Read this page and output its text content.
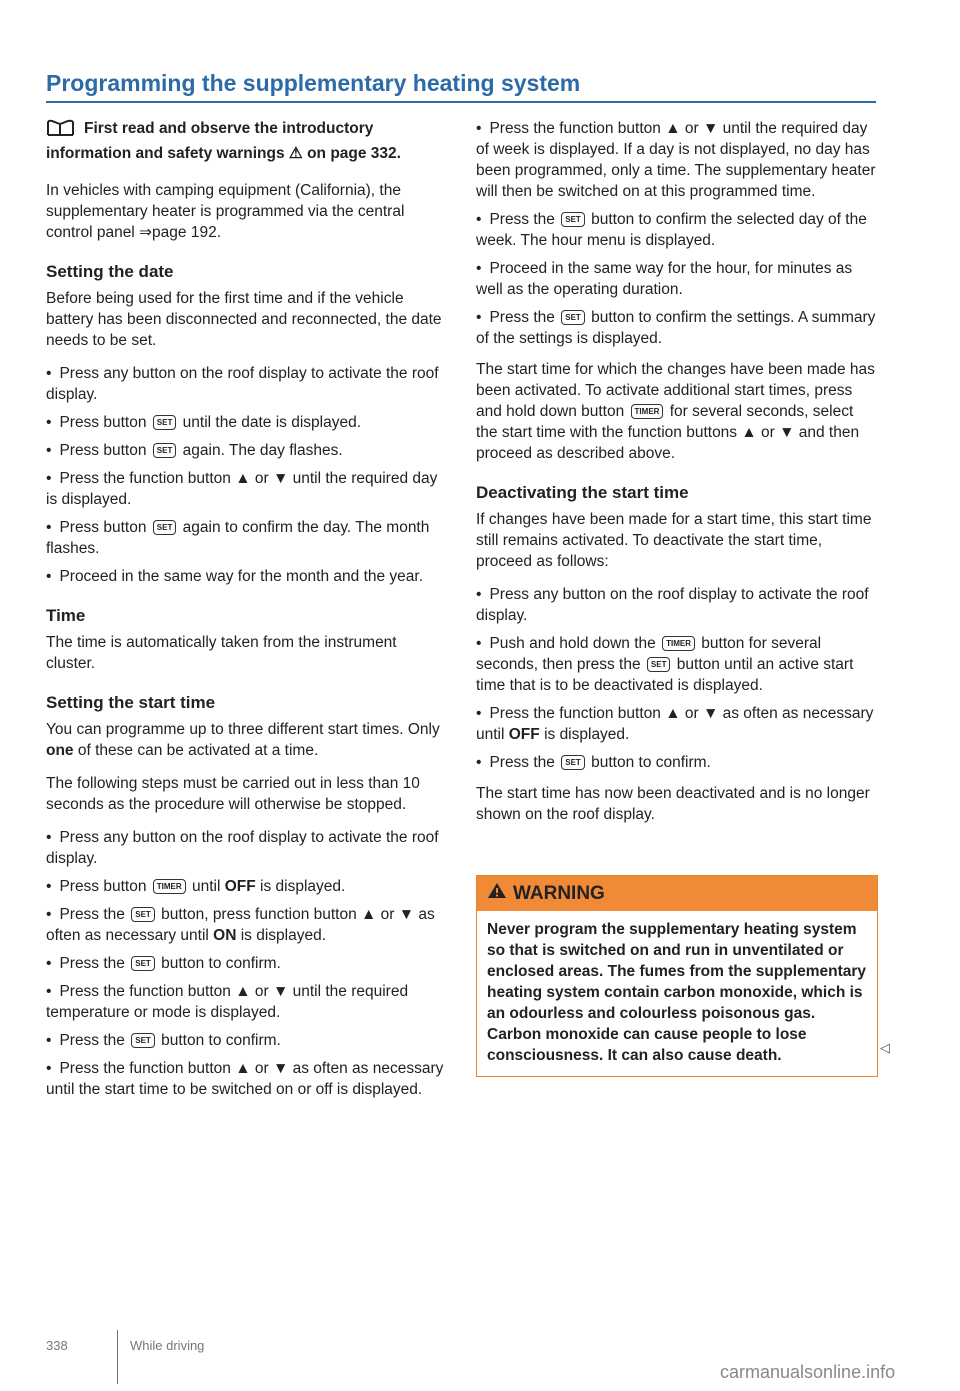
Programming the supplementary heating system
First read and observe the introductory information and safety warnings ⚠ on page 332.

In vehicles with camping equipment (California), the supplementary heater is programmed via the central control panel ⇒page 192.

Setting the date

Before being used for the first time and if the vehicle battery has been disconnected and reconnected, the date needs to be set.

• Press any button on the roof display to activate the roof display.
• Press button SET until the date is displayed.
• Press button SET again. The day flashes.
• Press the function button ▲ or ▼ until the required day is displayed.
• Press button SET again to confirm the day. The month flashes.
• Proceed in the same way for the month and the year.
Time

The time is automatically taken from the instrument cluster.

Setting the start time

You can programme up to three different start times. Only one of these can be activated at a time.

The following steps must be carried out in less than 10 seconds as the procedure will otherwise be stopped.

• Press any button on the roof display to activate the roof display.
• Press button TIMER until OFF is displayed.
• Press the SET button, press function button ▲ or ▼ as often as necessary until ON is displayed.
• Press the SET button to confirm.
• Press the function button ▲ or ▼ until the required temperature or mode is displayed.
• Press the SET button to confirm.
• Press the function button ▲ or ▼ as often as necessary until the start time to be switched on or off is displayed.
• Press the function button ▲ or ▼ until the required day of week is displayed. If a day is not displayed, no day has been programmed, only a time. The supplementary heater will then be switched on at this programmed time.
• Press the SET button to confirm the selected day of the week. The hour menu is displayed.
• Proceed in the same way for the hour, for minutes as well as the operating duration.
• Press the SET button to confirm the settings. A summary of the settings is displayed.

The start time for which the changes have been made has been activated. To activate additional start times, press and hold down button TIMER for several seconds, select the start time with the function buttons ▲ or ▼ and then proceed as described above.

Deactivating the start time

If changes have been made for a start time, this start time still remains activated. To deactivate the start time, proceed as follows:

• Press any button on the roof display to activate the roof display.
• Push and hold down the TIMER button for several seconds, then press the SET button until an active start time that is to be deactivated is displayed.
• Press the function button ▲ or ▼ as often as necessary until OFF is displayed.
• Press the SET button to confirm.

The start time has now been deactivated and is no longer shown on the roof display.

WARNING
Never program the supplementary heating system so that is switched on and run in unventilated or enclosed areas. The fumes from the supplementary heating system contain carbon monoxide, which is an odourless and colourless poisonous gas. Carbon monoxide can cause people to lose consciousness. It can also cause death.	◁
338	While driving
carmanualsonline.info
